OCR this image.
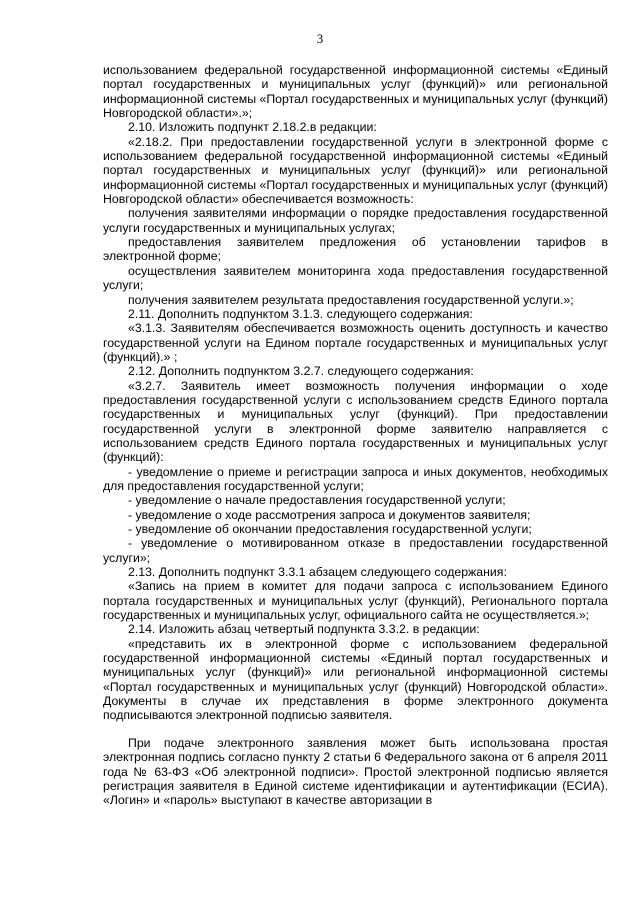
3

использованием федеральной государственной информационной системы «Единый портал государственных и муниципальных услуг (функций)» или региональной информационной системы «Портал государственных и муниципальных услуг (функций) Новгородской области».»;

2.10. Изложить подпункт 2.18.2.в редакции:

«2.18.2. При предоставлении государственной услуги в электронной форме с использованием федеральной государственной информационной системы «Единый портал государственных и муниципальных услуг (функций)» или региональной информационной системы «Портал государственных и муниципальных услуг (функций) Новгородской области» обеспечивается возможность:

получения заявителями информации о порядке предоставления государственной услуги государственных и муниципальных услугах;

предоставления заявителем предложения об установлении тарифов в электронной форме;

осуществления заявителем мониторинга хода предоставления государственной услуги;

получения заявителем результата предоставления государственной услуги.»;

2.11. Дополнить подпунктом 3.1.3. следующего содержания:

«3.1.3. Заявителям обеспечивается возможность оценить доступность и качество государственной услуги на Едином портале государственных и муниципальных услуг (функций).» ;

2.12. Дополнить подпунктом 3.2.7. следующего содержания:

«3.2.7. Заявитель имеет возможность получения информации о ходе предоставления государственной услуги с использованием средств Единого портала государственных и муниципальных услуг (функций). При предоставлении государственной услуги в электронной форме заявителю направляется с использованием средств Единого портала государственных и муниципальных услуг (функций):

- уведомление о приеме и регистрации запроса и иных документов, необходимых для предоставления государственной услуги;

- уведомление о начале предоставления государственной услуги;

- уведомление о ходе рассмотрения запроса и документов заявителя;

- уведомление об окончании предоставления государственной услуги;

- уведомление о мотивированном отказе в предоставлении государственной услуги»;

2.13. Дополнить подпункт 3.3.1 абзацем следующего содержания:

«Запись на прием в комитет для подачи запроса с использованием Единого портала государственных и муниципальных услуг (функций), Регионального портала государственных и муниципальных услуг, официального сайта не осуществляется.»;

2.14. Изложить абзац четвертый подпункта 3.3.2. в редакции:

«представить их в электронной форме с использованием федеральной государственной информационной системы «Единый портал государственных и муниципальных услуг (функций)» или региональной информационной системы «Портал государственных и муниципальных услуг (функций) Новгородской области». Документы в случае их представления в форме электронного документа подписываются электронной подписью заявителя.

При подаче электронного заявления может быть использована простая электронная подпись согласно пункту 2 статьи 6 Федерального закона от 6 апреля 2011 года № 63-ФЗ «Об электронной подписи». Простой электронной подписью является регистрация заявителя в Единой системе идентификации и аутентификации (ЕСИА). «Логин» и «пароль» выступают в качестве авторизации в
